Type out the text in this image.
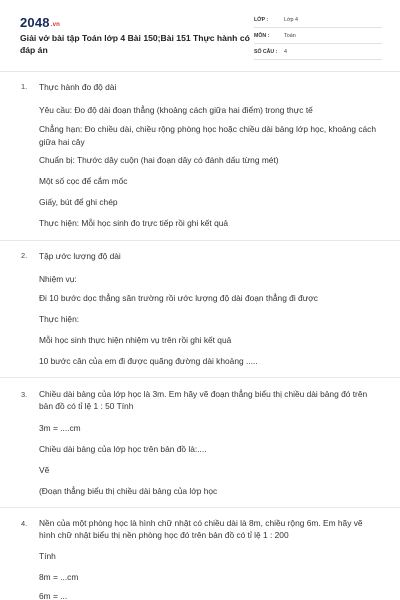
2048.vn
Giải vở bài tập Toán lớp 4 Bài 150;Bài 151 Thực hành có đáp án
LỚP :	Lớp 4
MÔN :	Toán
SỐ CÂU : 4
1. Thực hành đo độ dài
Yêu cầu: Đo độ dài đoạn thẳng (khoảng cách giữa hai điểm) trong thực tế
Chẳng hạn: Đo chiều dài, chiều rộng phòng học hoặc chiều dài bảng lớp học, khoảng cách giữa hai cây
Chuẩn bị: Thước dây cuộn (hai đoạn dây có đánh dấu từng mét)
Một số cọc để cắm mốc
Giấy, bút để ghi chép
Thực hiện: Mỗi học sinh đo trực tiếp rồi ghi kết quả
2. Tập ước lượng độ dài
Nhiệm vụ:
Đi 10 bước dọc thẳng sân trường rồi ước lượng độ dài đoạn thẳng đi được
Thực hiện:
Mỗi học sinh thực hiện nhiệm vụ trên rồi ghi kết quả
10 bước cân của em đi được quãng đường dài khoảng .....
3. Chiều dài bảng của lớp học là 3m. Em hãy vẽ đoạn thẳng biểu thị chiều dài bảng đó trên bản đồ có tỉ lệ 1 : 50 Tính
3m = ....cm
Chiều dài bảng của lớp học trên bản đồ là:....
Vẽ
(Đoạn thẳng biểu thị chiều dài bảng của lớp học
4. Nền của một phòng học là hình chữ nhật có chiều dài là 8m, chiều rộng 6m. Em hãy vẽ hình chữ nhật biểu thị nền phòng học đó trên bản đồ có tỉ lệ 1 : 200
Tính
8m = ...cm
6m = ...
